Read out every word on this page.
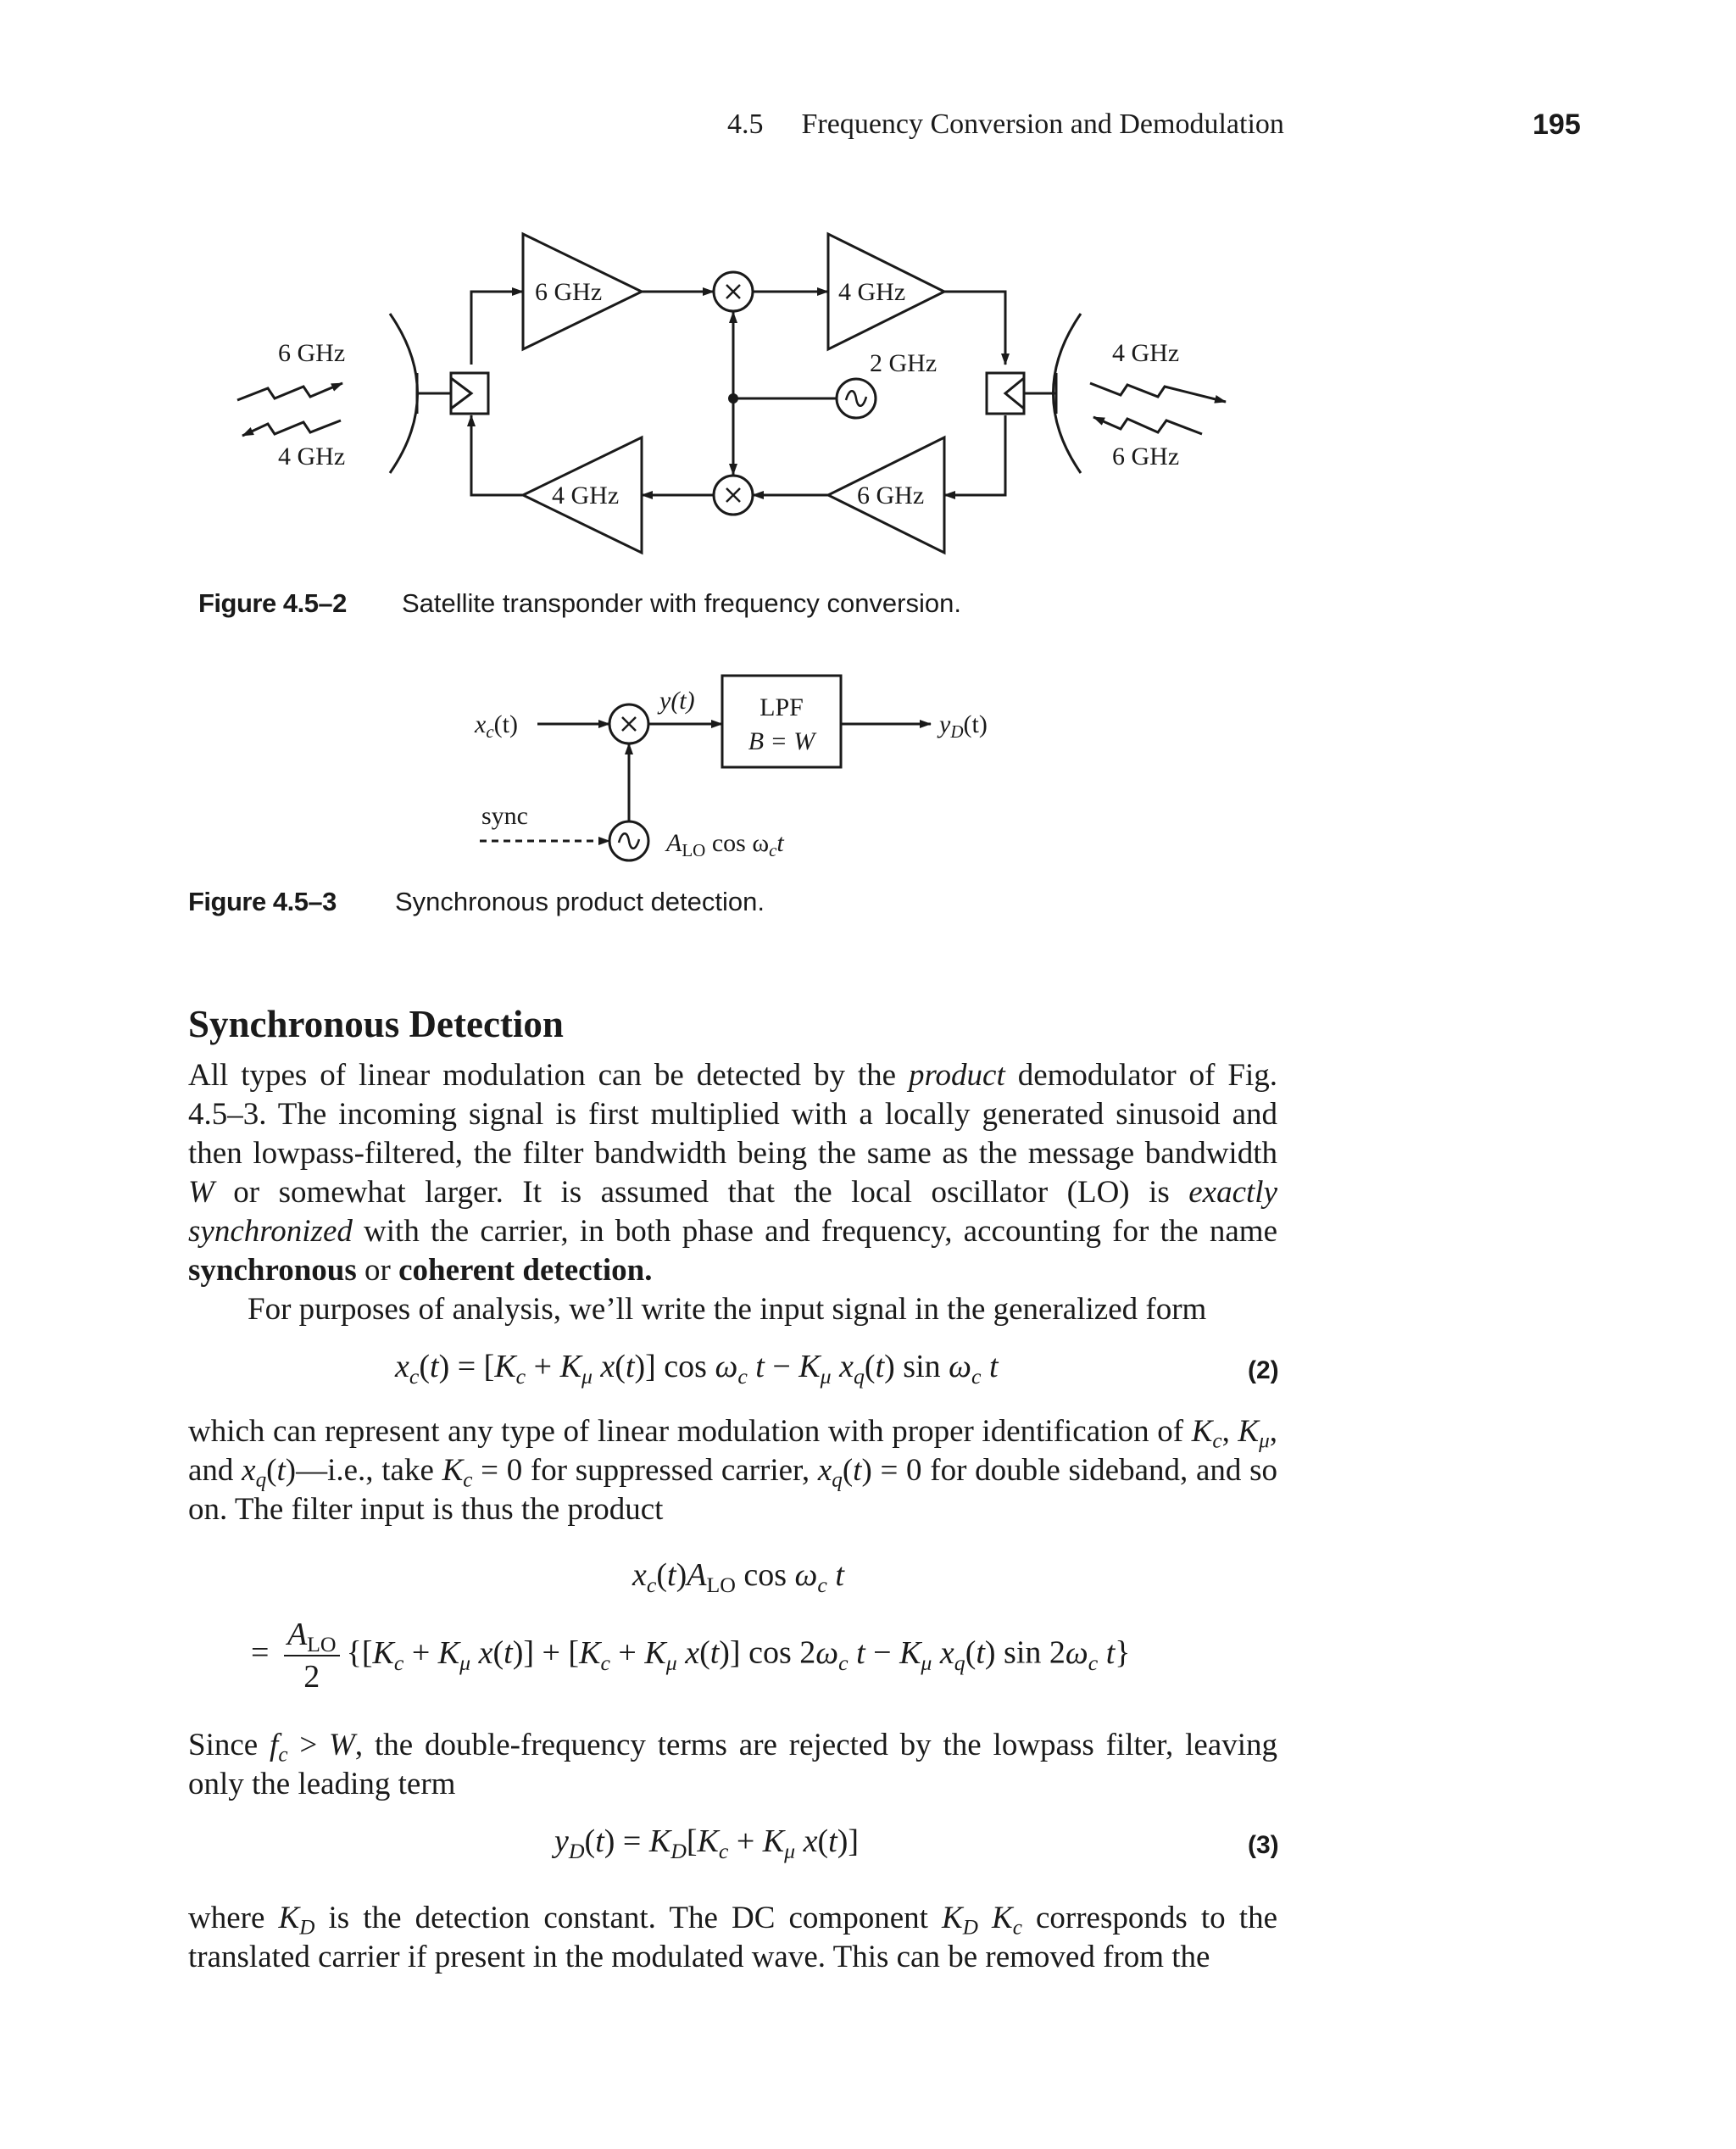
4.5 Frequency Conversion and Demodulation	195
6 GHz	4 GHz
4 GHz	6 GHz
2 GHz
6 GHz
4 GHz
4 GHz
6 GHz
Figure 4.5–2 Satellite transponder with frequency conversion.
$x_c(t)$
y(t)	LPF
B = W
$y_D(t)$
sync
$A_{LO}$ $\cos \omega_ct$
Figure 4.5–3 Synchronous product detection.
Synchronous Detection

All types of linear modulation can be detected by the product demodulator of Fig. 4.5–3. The incoming signal is first multiplied with a locally generated sinusoid and then lowpass-filtered, the filter bandwidth being the same as the message bandwidth W or somewhat larger. It is assumed that the local oscillator (LO) is exactly synchronized with the carrier, in both phase and frequency, accounting for the name synchronous or coherent detection.

For purposes of analysis, we’ll write the input signal in the generalized form

$x_c(t) = [K_c + K_\mu$ x(t)] $\cos \omega_c$ $t - K_\mu$ $x_q(t)$ $\sin \omega_c$ t	(2)

which can represent any type of linear modulation with proper identification of $K_c$, $K_\mu$, and $x_q(t)—i.e$., take $K_c = 0$ for suppressed carrier, $x_q(t) = 0$ for double sideband, and so on. The filter input is thus the product

$x_c(t)A_{LO}$ $\cos \omega_c$ t
= $\frac{A_{LO}}{2} \{[K_c + K_\mu$ $x(t)] + [K_c + K_\mu$ x(t)] $\cos 2\omega_c$ $t - K_\mu$ $x_q(t)$ $\sin 2\omega_c$ t}

Since $f_c > W$, the double-frequency terms are rejected by the lowpass filter, leaving only the leading term

$y_D(t) = K_D[K_c + K_\mu$ x(t)]	(3)

where $K_D$ is the detection constant. The DC component $K_D$ $K_c$ corresponds to the translated carrier if present in the modulated wave. This can be removed from the
